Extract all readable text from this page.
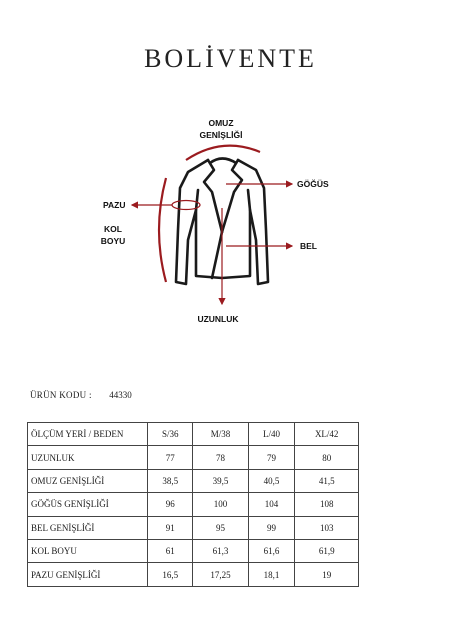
BOLİVENTE
OMUZ
GENİŞLİĞİ
GÖĞÜS
PAZU
KOL
BOYU	BEL
UZUNLUK
ÜRÜN KODU : 44330
ÖLÇÜM YERİ / BEDEN	S/36	M/38	L/40	XL/42
UZUNLUK	77	78	79	80
OMUZ GENİŞLİĞİ	38,5	39,5	40,5	41,5
GÖĞÜS GENİŞLİĞİ	96	100	104	108
BEL GENİŞLİĞİ	91	95	99	103
KOL BOYU	61	61,3	61,6	61,9
PAZU GENİŞLİĞİ	16,5	17,25	18,1	19
